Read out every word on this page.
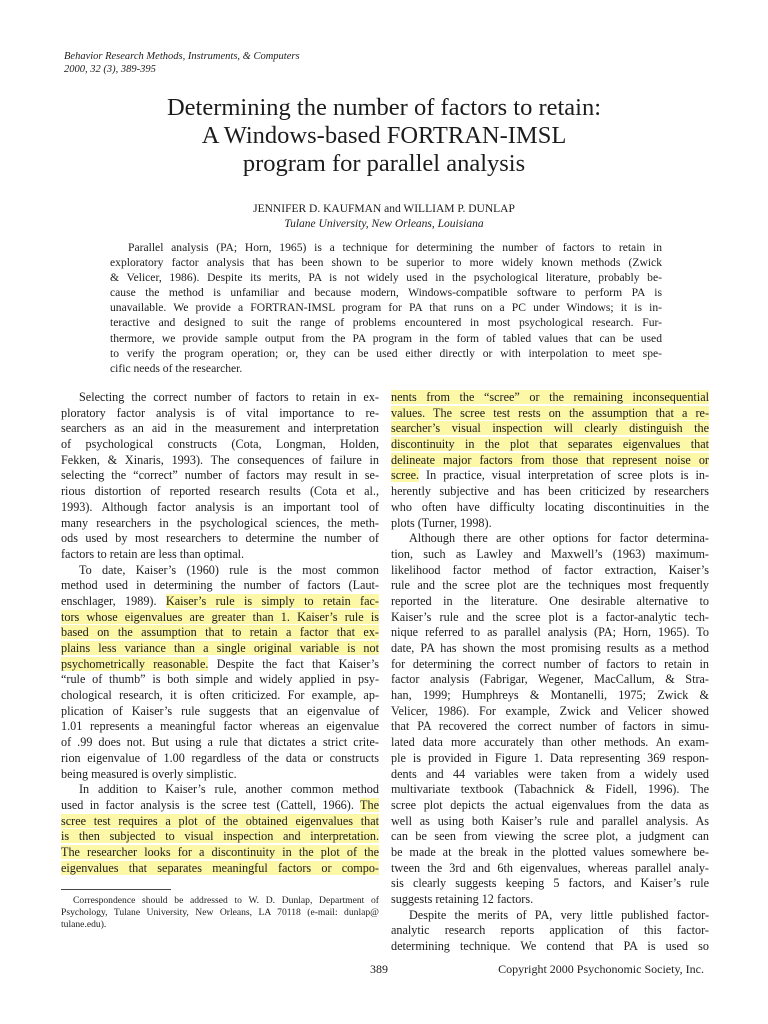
Behavior Research Methods, Instruments, & Computers
2000, 32 (3), 389-395
Determining the number of factors to retain:
A Windows-based FORTRAN-IMSL
program for parallel analysis
JENNIFER D. KAUFMAN and WILLIAM P. DUNLAP
Tulane University, New Orleans, Louisiana
Parallel analysis (PA; Horn, 1965) is a technique for determining the number of factors to retain in
exploratory factor analysis that has been shown to be superior to more widely known methods (Zwick
& Velicer, 1986). Despite its merits, PA is not widely used in the psychological literature, probably be-
cause the method is unfamiliar and because modern, Windows-compatible software to perform PA is
unavailable. We provide a FORTRAN-IMSL program for PA that runs on a PC under Windows; it is in-
teractive and designed to suit the range of problems encountered in most psychological research. Fur-
thermore, we provide sample output from the PA program in the form of tabled values that can be used
to verify the program operation; or, they can be used either directly or with interpolation to meet spe-
cific needs of the researcher.
Selecting the correct number of factors to retain in ex-
ploratory factor analysis is of vital importance to re-
searchers as an aid in the measurement and interpretation
of psychological constructs (Cota, Longman, Holden,
Fekken, & Xinaris, 1993). The consequences of failure in
selecting the “correct” number of factors may result in se-
rious distortion of reported research results (Cota et al.,
1993). Although factor analysis is an important tool of
many researchers in the psychological sciences, the meth-
ods used by most researchers to determine the number of
factors to retain are less than optimal.
To date, Kaiser’s (1960) rule is the most common
method used in determining the number of factors (Laut-
enschlager, 1989). Kaiser’s rule is simply to retain fac-
tors whose eigenvalues are greater than 1. Kaiser’s rule is
based on the assumption that to retain a factor that ex-
plains less variance than a single original variable is not
psychometrically reasonable. Despite the fact that Kaiser’s
“rule of thumb” is both simple and widely applied in psy-
chological research, it is often criticized. For example, ap-
plication of Kaiser’s rule suggests that an eigenvalue of
1.01 represents a meaningful factor whereas an eigenvalue
of .99 does not. But using a rule that dictates a strict crite-
rion eigenvalue of 1.00 regardless of the data or constructs
being measured is overly simplistic.
In addition to Kaiser’s rule, another common method
used in factor analysis is the scree test (Cattell, 1966). The
scree test requires a plot of the obtained eigenvalues that
is then subjected to visual inspection and interpretation.
The researcher looks for a discontinuity in the plot of the
eigenvalues that separates meaningful factors or compo-
nents from the “scree” or the remaining inconsequential
values. The scree test rests on the assumption that a re-
searcher’s visual inspection will clearly distinguish the
discontinuity in the plot that separates eigenvalues that
delineate major factors from those that represent noise or
scree. In practice, visual interpretation of scree plots is in-
herently subjective and has been criticized by researchers
who often have difficulty locating discontinuities in the
plots (Turner, 1998).
Although there are other options for factor determina-
tion, such as Lawley and Maxwell’s (1963) maximum-
likelihood factor method of factor extraction, Kaiser’s
rule and the scree plot are the techniques most frequently
reported in the literature. One desirable alternative to
Kaiser’s rule and the scree plot is a factor-analytic tech-
nique referred to as parallel analysis (PA; Horn, 1965). To
date, PA has shown the most promising results as a method
for determining the correct number of factors to retain in
factor analysis (Fabrigar, Wegener, MacCallum, & Stra-
han, 1999; Humphreys & Montanelli, 1975; Zwick &
Velicer, 1986). For example, Zwick and Velicer showed
that PA recovered the correct number of factors in simu-
lated data more accurately than other methods. An exam-
ple is provided in Figure 1. Data representing 369 respon-
dents and 44 variables were taken from a widely used
multivariate textbook (Tabachnick & Fidell, 1996). The
scree plot depicts the actual eigenvalues from the data as
well as using both Kaiser’s rule and parallel analysis. As
can be seen from viewing the scree plot, a judgment can
be made at the break in the plotted values somewhere be-
tween the 3rd and 6th eigenvalues, whereas parallel analy-
sis clearly suggests keeping 5 factors, and Kaiser’s rule
suggests retaining 12 factors.
Despite the merits of PA, very little published factor-
analytic research reports application of this factor-
determining technique. We contend that PA is used so
Correspondence should be addressed to W. D. Dunlap, Department of
Psychology, Tulane University, New Orleans, LA 70118 (e-mail: dunlap@
tulane.edu).
389	Copyright 2000 Psychonomic Society, Inc.
